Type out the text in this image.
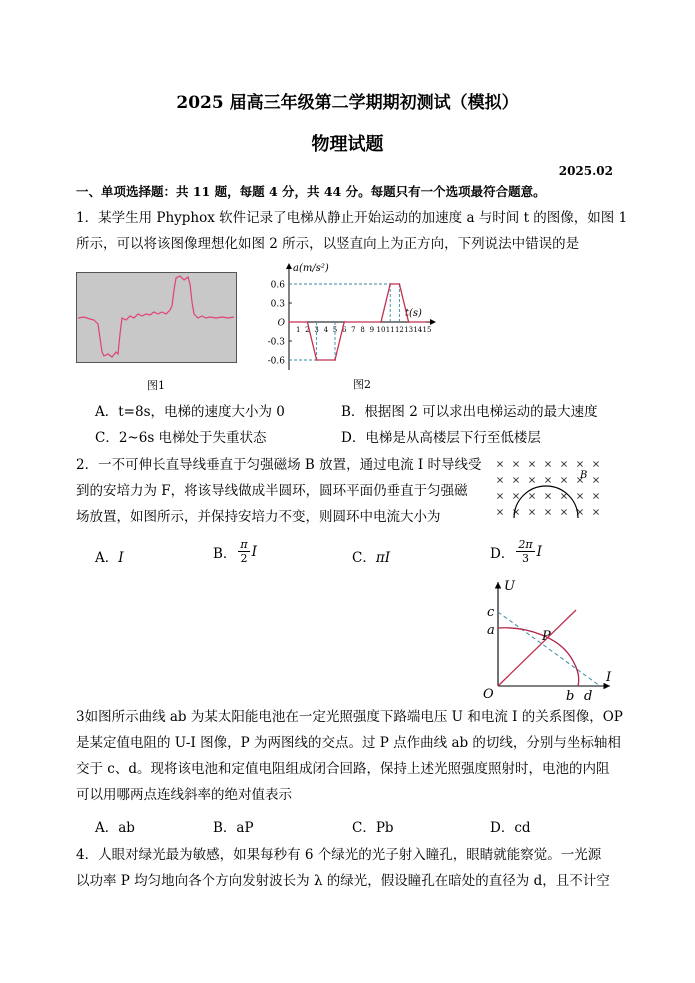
2025 届高三年级第二学期期初测试（模拟）
物理试题
2025.02
一、单项选择题：共 11 题，每题 4 分，共 44 分。每题只有一个选项最符合题意。
1．某学生用 Phyphox 软件记录了电梯从静止开始运动的加速度 a 与时间 t 的图像，如图 1
所示，可以将该图像理想化如图 2 所示，以竖直向上为正方向，下列说法中错误的是
图1
a(m/s²)
t(s)
0.6
0.3
O
-0.3
-0.6
1 2 3 4 5 6 7 8 9 10 11 12 13 14 15
图2
A．t=8s，电梯的速度大小为 0	B．根据图 2 可以求出电梯运动的最大速度
C．2~6s 电梯处于失重状态	D．电梯是从高楼层下行至低楼层
2．一不可伸长直导线垂直于匀强磁场 B 放置，通过电流 I 时导线受
到的安培力为 F，将该导线做成半圆环，圆环平面仍垂直于匀强磁
场放置，如图所示，并保持安培力不变，则圆环中电流大小为
B
A．I	B． $\frac{\pi}{2}$ I	C．πI	D． $\frac{2\pi}{3}$ I
U
I
O
c
a	P
b d
3如图所示曲线 ab 为某太阳能电池在一定光照强度下路端电压 U 和电流 I 的关系图像，OP
是某定值电阻的 U-I 图像，P 为两图线的交点。过 P 点作曲线 ab 的切线，分别与坐标轴相
交于 c、d。现将该电池和定值电阻组成闭合回路，保持上述光照强度照射时，电池的内阻
可以用哪两点连线斜率的绝对值表示
A．ab	B．aP	C．Pb	D．cd
4．人眼对绿光最为敏感，如果每秒有 6 个绿光的光子射入瞳孔，眼睛就能察觉。一光源
以功率 P 均匀地向各个方向发射波长为 λ 的绿光，假设瞳孔在暗处的直径为 d，且不计空
